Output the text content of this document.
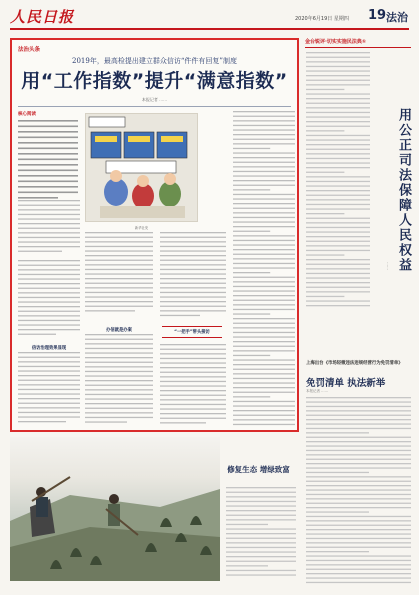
人民日报	2020年6月19日 星期四 19 法治
法治头条
2019年，最高检提出建立群众信访“件件有回复”制度
用“工作指数”提升“满意指数”
本报记者 ……
核心阅读
信访治理效果显现
新华社发
办信就是办案	“一把手”带头接访
金台锐评·切实实施民法典①
用公正司法保障人民权益
……
上海出台《市场轻微违法违规经营行为免罚清单》
免罚清单 执法新举
本报记者 ……
修复生态 增绿致富
